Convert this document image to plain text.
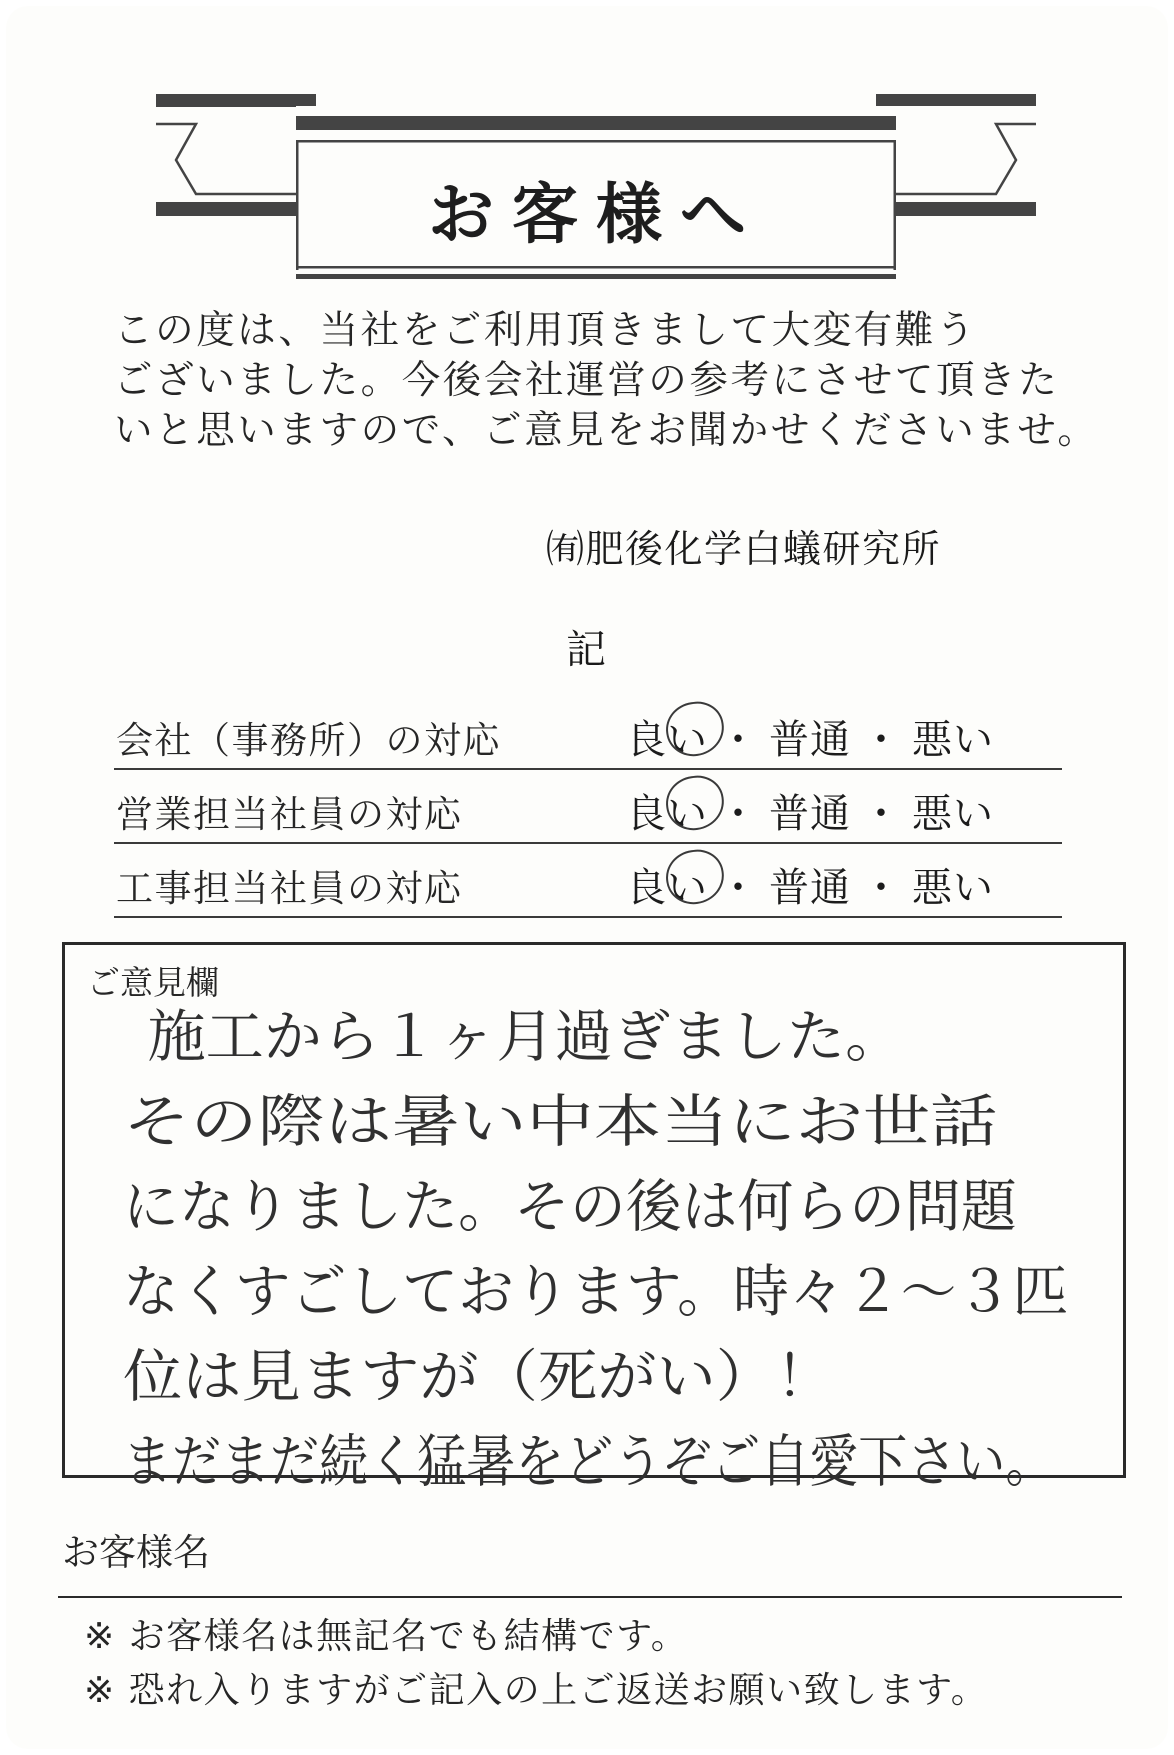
お客様へ
この度は、当社をご利用頂きまして大変有難う
ございました。今後会社運営の参考にさせて頂きた
いと思いますので、ご意見をお聞かせくださいませ。
㈲肥後化学白蟻研究所
記
会社（事務所）の対応	良い ・ 普通 ・ 悪い
営業担当社員の対応	良い ・ 普通 ・ 悪い
工事担当社員の対応	良い ・ 普通 ・ 悪い
ご意見欄
施工から１ヶ月過ぎました。
その際は暑い中本当にお世話
になりました。その後は何らの問題
なくすごしております。時々２〜３匹
位は見ますが（死がい）！
まだまだ続く猛暑をどうぞご自愛下さい。
お客様名
※ お客様名は無記名でも結構です。
※ 恐れ入りますがご記入の上ご返送お願い致します。
